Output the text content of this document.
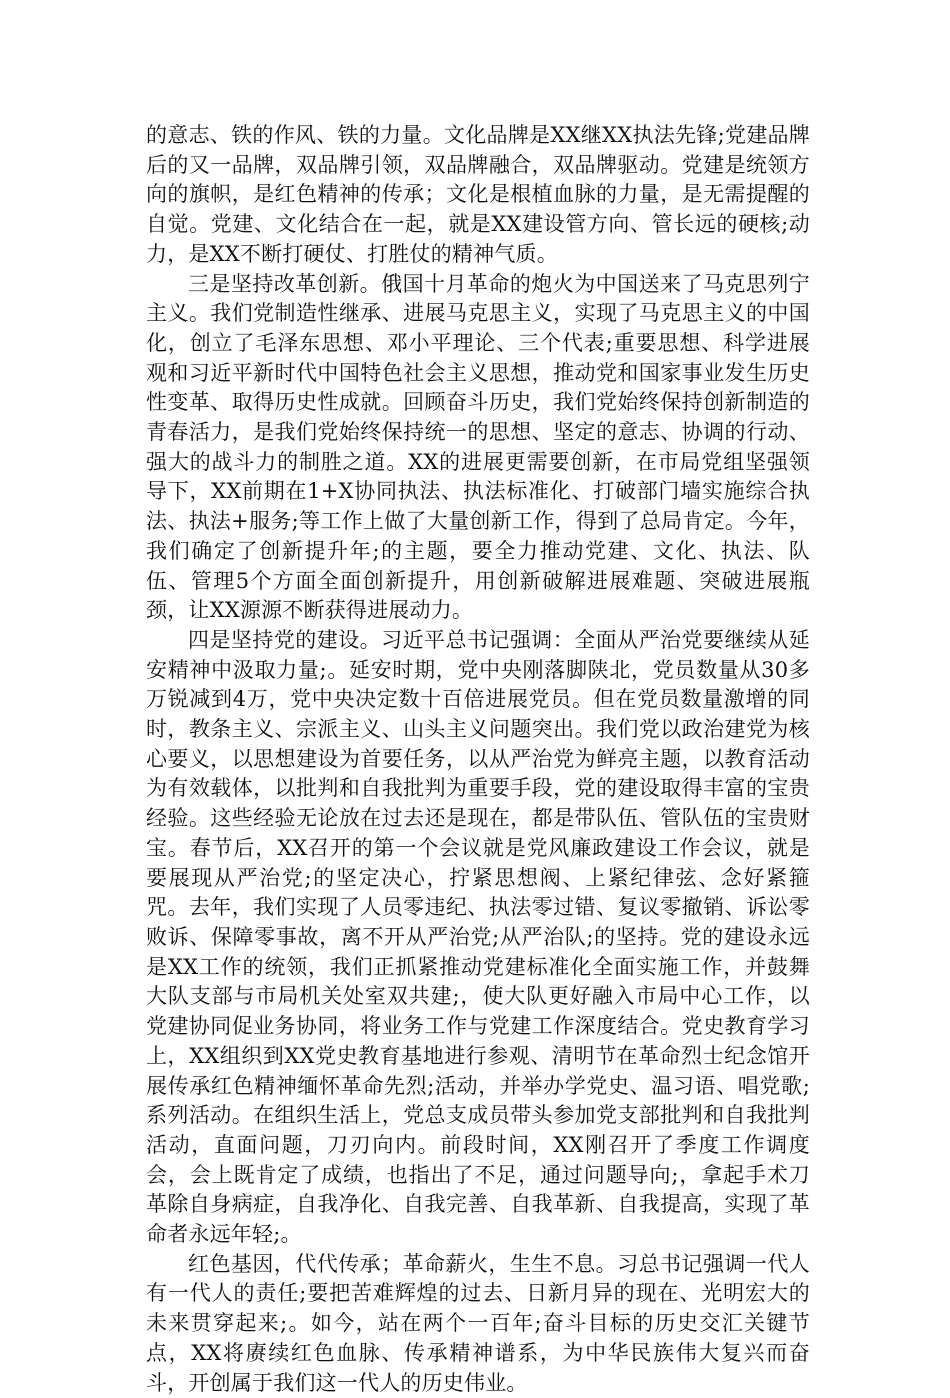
的意志、铁的作风、铁的力量。文化品牌是XX继XX执法先锋;党建品牌后的又一品牌，双品牌引领，双品牌融合，双品牌驱动。党建是统领方向的旗帜，是红色精神的传承；文化是根植血脉的力量，是无需提醒的自觉。党建、文化结合在一起，就是XX建设管方向、管长远的硬核;动力，是XX不断打硬仗、打胜仗的精神气质。

三是坚持改革创新。俄国十月革命的炮火为中国送来了马克思列宁主义。我们党制造性继承、进展马克思主义，实现了马克思主义的中国化，创立了毛泽东思想、邓小平理论、三个代表;重要思想、科学进展观和习近平新时代中国特色社会主义思想，推动党和国家事业发生历史性变革、取得历史性成就。回顾奋斗历史，我们党始终保持创新制造的青春活力，是我们党始终保持统一的思想、坚定的意志、协调的行动、强大的战斗力的制胜之道。XX的进展更需要创新，在市局党组坚强领导下，XX前期在1+X协同执法、执法标准化、打破部门墙实施综合执法、执法+服务;等工作上做了大量创新工作，得到了总局肯定。今年，我们确定了创新提升年;的主题，要全力推动党建、文化、执法、队伍、管理5个方面全面创新提升，用创新破解进展难题、突破进展瓶颈，让XX源源不断获得进展动力。

四是坚持党的建设。习近平总书记强调：全面从严治党要继续从延安精神中汲取力量;。延安时期，党中央刚落脚陕北，党员数量从30多万锐减到4万，党中央决定数十百倍进展党员。但在党员数量激增的同时，教条主义、宗派主义、山头主义问题突出。我们党以政治建党为核心要义，以思想建设为首要任务，以从严治党为鲜亮主题，以教育活动为有效载体，以批判和自我批判为重要手段，党的建设取得丰富的宝贵经验。这些经验无论放在过去还是现在，都是带队伍、管队伍的宝贵财宝。春节后，XX召开的第一个会议就是党风廉政建设工作会议，就是要展现从严治党;的坚定决心，拧紧思想阀、上紧纪律弦、念好紧箍咒。去年，我们实现了人员零违纪、执法零过错、复议零撤销、诉讼零败诉、保障零事故，离不开从严治党;从严治队;的坚持。党的建设永远是XX工作的统领，我们正抓紧推动党建标准化全面实施工作，并鼓舞大队支部与市局机关处室双共建;，使大队更好融入市局中心工作，以党建协同促业务协同，将业务工作与党建工作深度结合。党史教育学习上，XX组织到XX党史教育基地进行参观、清明节在革命烈士纪念馆开展传承红色精神缅怀革命先烈;活动，并举办学党史、温习语、唱党歌;系列活动。在组织生活上，党总支成员带头参加党支部批判和自我批判活动，直面问题，刀刃向内。前段时间，XX刚召开了季度工作调度会，会上既肯定了成绩，也指出了不足，通过问题导向;，拿起手术刀革除自身病症，自我净化、自我完善、自我革新、自我提高，实现了革命者永远年轻;。

红色基因，代代传承；革命薪火，生生不息。习总书记强调一代人有一代人的责任;要把苦难辉煌的过去、日新月异的现在、光明宏大的未来贯穿起来;。如今，站在两个一百年;奋斗目标的历史交汇关键节点，XX将赓续红色血脉、传承精神谱系，为中华民族伟大复兴而奋斗，开创属于我们这一代人的历史伟业。
